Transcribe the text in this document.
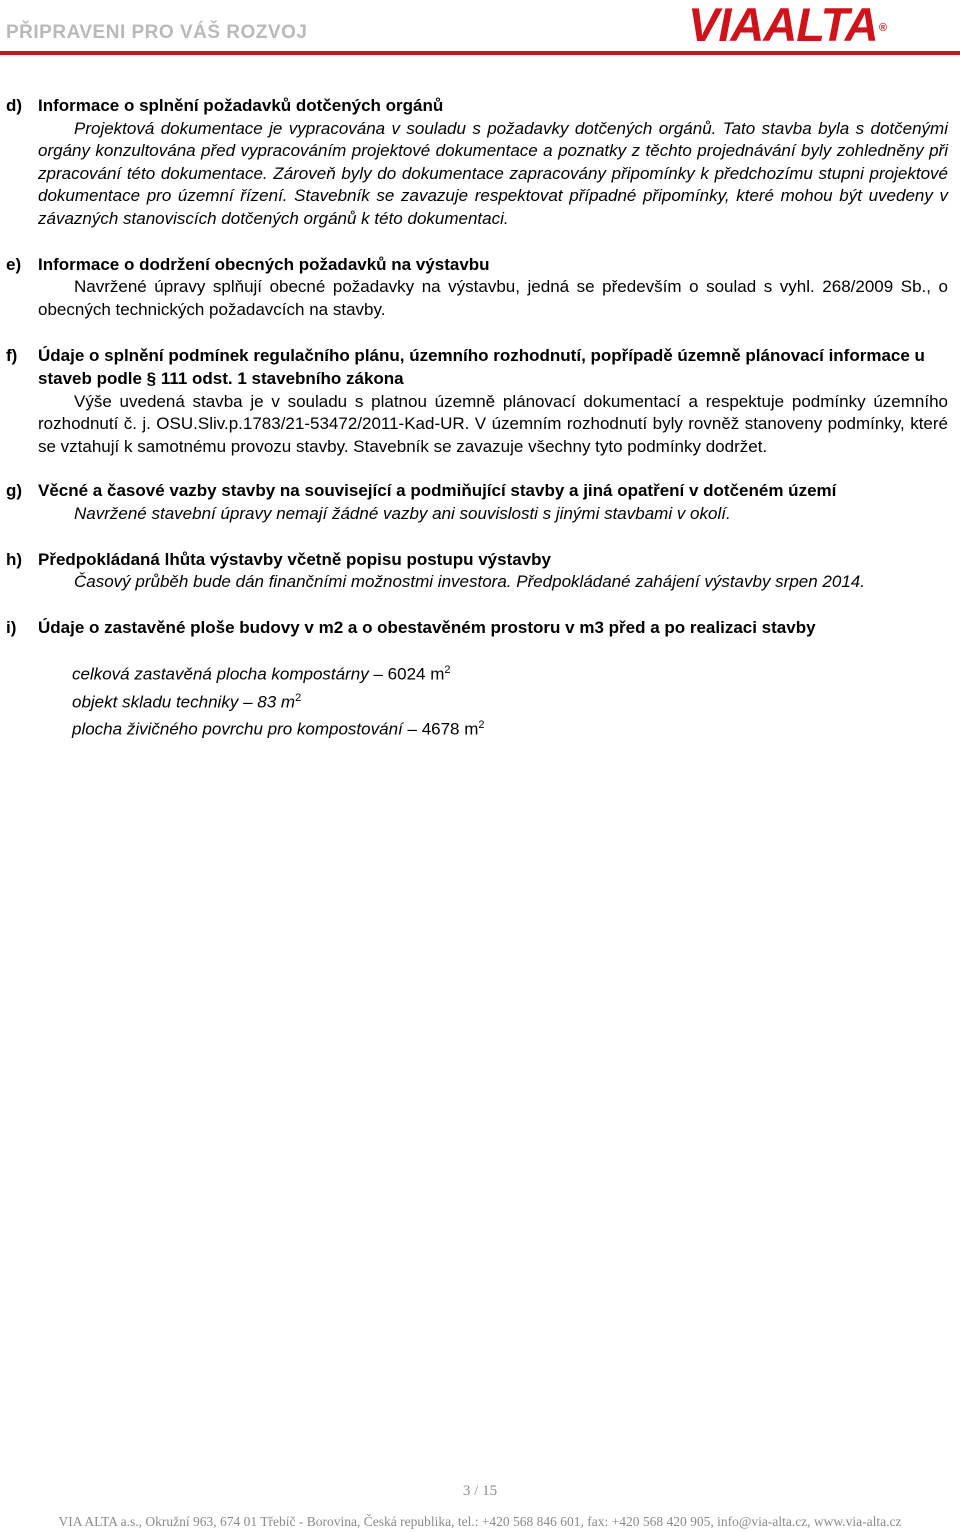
PŘIPRAVENI PRO VÁŠ ROZVOJ	VIAALTA®
d) Informace o splnění požadavků dotčených orgánů
Projektová dokumentace je vypracována v souladu s požadavky dotčených orgánů. Tato stavba byla s dotčenými orgány konzultována před vypracováním projektové dokumentace a poznatky z těchto projednávání byly zohledněny při zpracování této dokumentace. Zároveň byly do dokumentace zapracovány připomínky k předchozímu stupni projektové dokumentace pro územní řízení. Stavebník se zavazuje respektovat případné připomínky, které mohou být uvedeny v závazných stanoviscích dotčených orgánů k této dokumentaci.
e) Informace o dodržení obecných požadavků na výstavbu
Navržené úpravy splňují obecné požadavky na výstavbu, jedná se především o soulad s vyhl. 268/2009 Sb., o obecných technických požadavcích na stavby.
f) Údaje o splnění podmínek regulačního plánu, územního rozhodnutí, popřípadě územně plánovací informace u staveb podle § 111 odst. 1 stavebního zákona
Výše uvedená stavba je v souladu s platnou územně plánovací dokumentací a respektuje podmínky územního rozhodnutí č. j. OSU.Sliv.p.1783/21-53472/2011-Kad-UR. V územním rozhodnutí byly rovněž stanoveny podmínky, které se vztahují k samotnému provozu stavby. Stavebník se zavazuje všechny tyto podmínky dodržet.
g) Věcné a časové vazby stavby na související a podmiňující stavby a jiná opatření v dotčeném území
Navržené stavební úpravy nemají žádné vazby ani souvislosti s jinými stavbami v okolí.
h) Předpokládaná lhůta výstavby včetně popisu postupu výstavby
Časový průběh bude dán finančními možnostmi investora. Předpokládané zahájení výstavby srpen 2014.
i) Údaje o zastavěné ploše budovy v m2 a o obestavěném prostoru v m3 před a po realizaci stavby
celková zastavěná plocha kompostárny – 6024 $m^2$
objekt skladu techniky – 83 $m^2$
plocha živičného povrchu pro kompostování – 4678 $m^2$
3 / 15
VIA ALTA a.s., Okružní 963, 674 01 Třebíč - Borovina, Česká republika, tel.: +420 568 846 601, fax: +420 568 420 905, info@via-alta.cz, www.via-alta.cz
